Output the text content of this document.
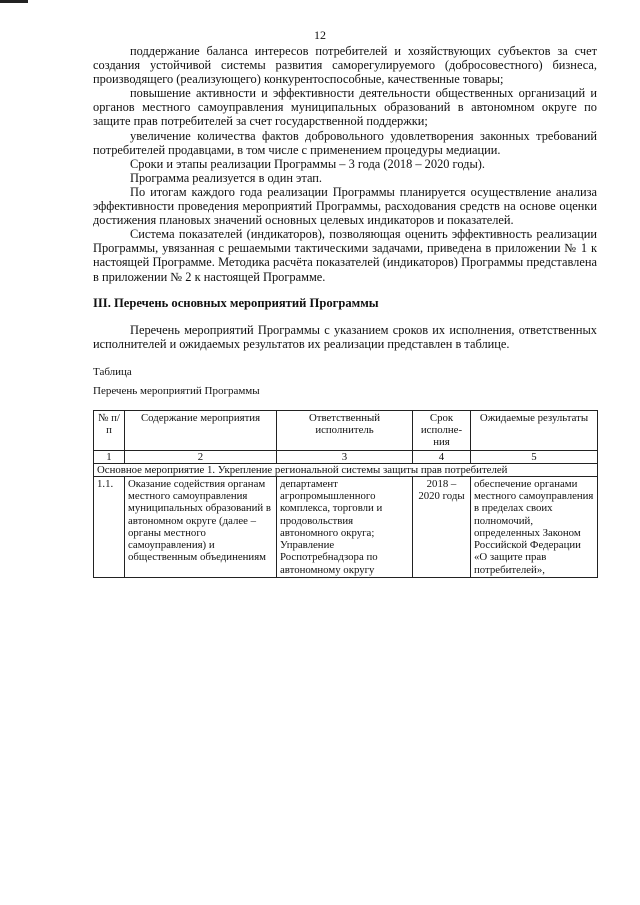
12

поддержание баланса интересов потребителей и хозяйствующих субъектов за счет создания устойчивой системы развития саморегулируемого (добросовестного) бизнеса, производящего (реализующего) конкурентоспособные, качественные товары;

повышение активности и эффективности деятельности общественных организаций и органов местного самоуправления муниципальных образований в автономном округе по защите прав потребителей за счет государственной поддержки;

увеличение количества фактов добровольного удовлетворения законных требований потребителей продавцами, в том числе с применением процедуры медиации.

Сроки и этапы реализации Программы – 3 года (2018 – 2020 годы).

Программа реализуется в один этап.

По итогам каждого года реализации Программы планируется осуществление анализа эффективности проведения мероприятий Программы, расходования средств на основе оценки достижения плановых значений основных целевых индикаторов и показателей.

Система показателей (индикаторов), позволяющая оценить эффективность реализации Программы, увязанная с решаемыми тактическими задачами, приведена в приложении № 1 к настоящей Программе. Методика расчёта показателей (индикаторов) Программы представлена в приложении № 2 к настоящей Программе.

III. Перечень основных мероприятий Программы

Перечень мероприятий Программы с указанием сроков их исполнения, ответственных исполнителей и ожидаемых результатов их реализации представлен в таблице.

Таблица

Перечень мероприятий Программы

№ п/п	Содержание мероприятия	Ответственный исполнитель	Срок исполне- ния	Ожидаемые результаты
1	2	3	4	5
Основное мероприятие 1. Укрепление региональной системы защиты прав потребителей				
1.1.	Оказание содействия органам местного самоуправления муниципальных образований в автономном округе (далее – органы местного самоуправления) и общественным объединениям	департамент агропромышленного комплекса, торговли и продовольствия автономного округа; Управление Роспотребнадзора по автономному округу	2018 – 2020 годы	обеспечение органами местного самоуправления в пределах своих полномочий, определенных Законом Российской Федерации «О защите прав потребителей»,
